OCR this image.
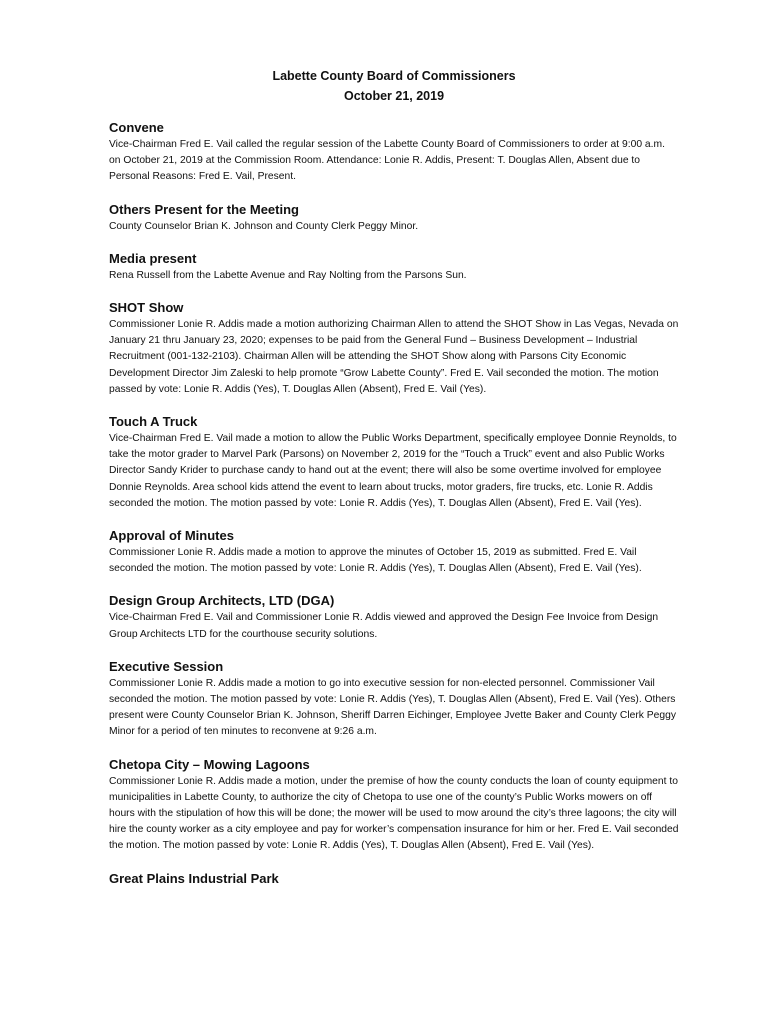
Labette County Board of Commissioners
October 21, 2019
Convene

Vice-Chairman Fred E. Vail called the regular session of the Labette County Board of Commissioners to order at 9:00 a.m. on October 21, 2019 at the Commission Room. Attendance: Lonie R. Addis, Present: T. Douglas Allen, Absent due to Personal Reasons: Fred E. Vail, Present.

Others Present for the Meeting

County Counselor Brian K. Johnson and County Clerk Peggy Minor.

Media present

Rena Russell from the Labette Avenue and Ray Nolting from the Parsons Sun.

SHOT Show

Commissioner Lonie R. Addis made a motion authorizing Chairman Allen to attend the SHOT Show in Las Vegas, Nevada on January 21 thru January 23, 2020; expenses to be paid from the General Fund – Business Development – Industrial Recruitment (001-132-2103). Chairman Allen will be attending the SHOT Show along with Parsons City Economic Development Director Jim Zaleski to help promote “Grow Labette County”. Fred E. Vail seconded the motion. The motion passed by vote: Lonie R. Addis (Yes), T. Douglas Allen (Absent), Fred E. Vail (Yes).

Touch A Truck

Vice-Chairman Fred E. Vail made a motion to allow the Public Works Department, specifically employee Donnie Reynolds, to take the motor grader to Marvel Park (Parsons) on November 2, 2019 for the “Touch a Truck” event and also Public Works Director Sandy Krider to purchase candy to hand out at the event; there will also be some overtime involved for employee Donnie Reynolds. Area school kids attend the event to learn about trucks, motor graders, fire trucks, etc. Lonie R. Addis seconded the motion. The motion passed by vote: Lonie R. Addis (Yes), T. Douglas Allen (Absent), Fred E. Vail (Yes).

Approval of Minutes

Commissioner Lonie R. Addis made a motion to approve the minutes of October 15, 2019 as submitted. Fred E. Vail seconded the motion. The motion passed by vote: Lonie R. Addis (Yes), T. Douglas Allen (Absent), Fred E. Vail (Yes).

Design Group Architects, LTD (DGA)

Vice-Chairman Fred E. Vail and Commissioner Lonie R. Addis viewed and approved the Design Fee Invoice from Design Group Architects LTD for the courthouse security solutions.

Executive Session

Commissioner Lonie R. Addis made a motion to go into executive session for non-elected personnel. Commissioner Vail seconded the motion. The motion passed by vote: Lonie R. Addis (Yes), T. Douglas Allen (Absent), Fred E. Vail (Yes). Others present were County Counselor Brian K. Johnson, Sheriff Darren Eichinger, Employee Jvette Baker and County Clerk Peggy Minor for a period of ten minutes to reconvene at 9:26 a.m.

Chetopa City – Mowing Lagoons

Commissioner Lonie R. Addis made a motion, under the premise of how the county conducts the loan of county equipment to municipalities in Labette County, to authorize the city of Chetopa to use one of the county’s Public Works mowers on off hours with the stipulation of how this will be done; the mower will be used to mow around the city’s three lagoons; the city will hire the county worker as a city employee and pay for worker’s compensation insurance for him or her. Fred E. Vail seconded the motion. The motion passed by vote: Lonie R. Addis (Yes), T. Douglas Allen (Absent), Fred E. Vail (Yes).

Great Plains Industrial Park
